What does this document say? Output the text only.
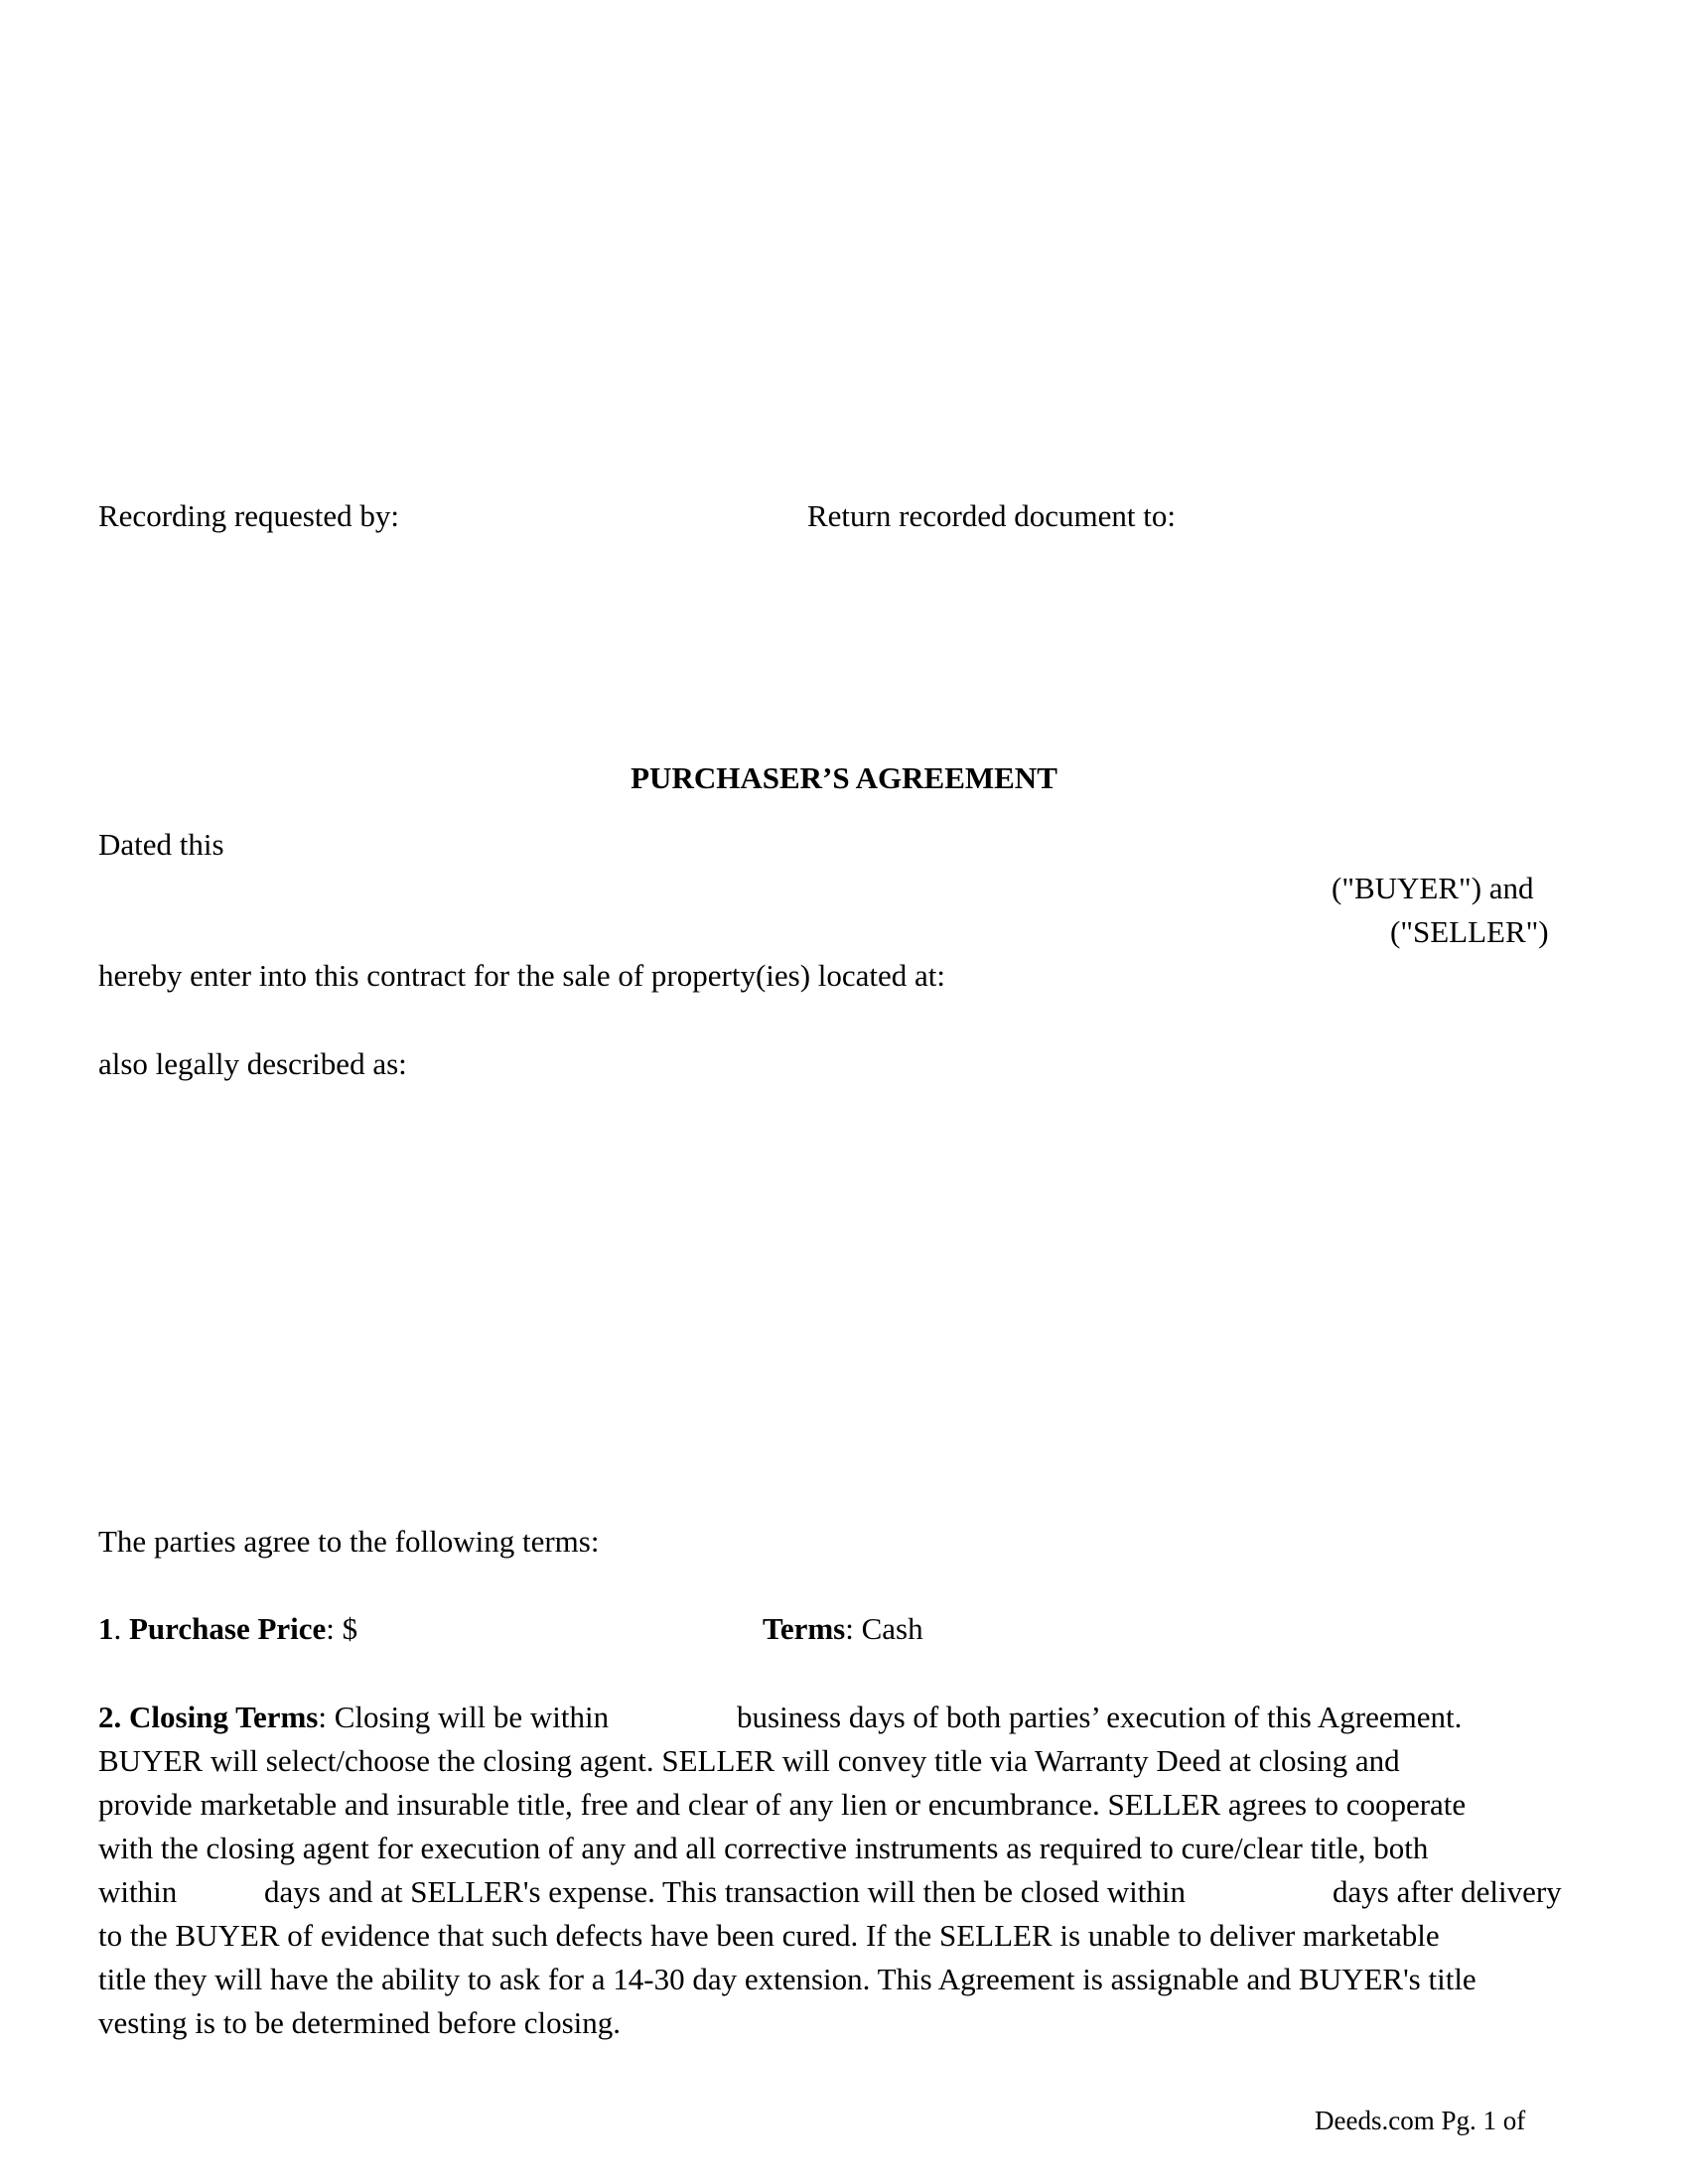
Recording requested by:	Return recorded document to:
PURCHASER’S AGREEMENT
Dated this
("BUYER") and
("SELLER")
hereby enter into this contract for the sale of property(ies) located at:
also legally described as:
The parties agree to the following terms:
1. Purchase Price: $	Terms: Cash
2. Closing Terms: Closing will be within	business days of both parties’ execution of this Agreement.
BUYER will select/choose the closing agent. SELLER will convey title via Warranty Deed at closing and
provide marketable and insurable title, free and clear of any lien or encumbrance. SELLER agrees to cooperate
with the closing agent for execution of any and all corrective instruments as required to cure/clear title, both
within	days and at SELLER's expense. This transaction will then be closed within	days after delivery
to the BUYER of evidence that such defects have been cured. If the SELLER is unable to deliver marketable
title they will have the ability to ask for a 14-30 day extension. This Agreement is assignable and BUYER's title
vesting is to be determined before closing.
Deeds.com Pg. 1 of
